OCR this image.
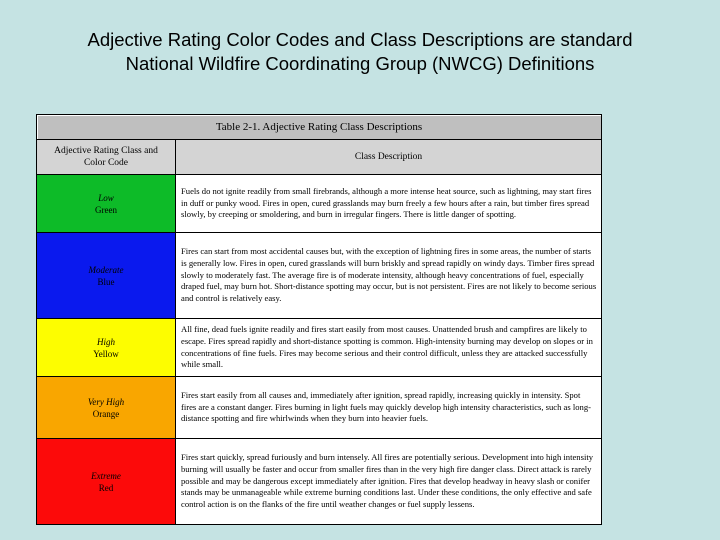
Adjective Rating Color Codes and Class Descriptions are standard
National Wildfire Coordinating Group (NWCG) Definitions
Table 2-1. Adjective Rating Class Descriptions	

Adjective Rating Class and
Color Code	Class Description

Low
Green	Fuels do not ignite readily from small firebrands, although a more intense heat source, such as lightning, may start fires in duff or punky wood. Fires in open, cured grasslands may burn freely a few hours after a rain, but timber fires spread slowly, by creeping or smoldering, and burn in irregular fingers. There is little danger of spotting.

Moderate
Blue	Fires can start from most accidental causes but, with the exception of lightning fires in some areas, the number of starts is generally low. Fires in open, cured grasslands will burn briskly and spread rapidly on windy days. Timber fires spread slowly to moderately fast. The average fire is of moderate intensity, although heavy concentrations of fuel, especially draped fuel, may burn hot. Short-distance spotting may occur, but is not persistent. Fires are not likely to become serious and control is relatively easy.

High
Yellow	All fine, dead fuels ignite readily and fires start easily from most causes. Unattended brush and campfires are likely to escape. Fires spread rapidly and short-distance spotting is common. High-intensity burning may develop on slopes or in concentrations of fine fuels. Fires may become serious and their control difficult, unless they are attacked successfully while small.

Very High
Orange	Fires start easily from all causes and, immediately after ignition, spread rapidly, increasing quickly in intensity. Spot fires are a constant danger. Fires burning in light fuels may quickly develop high intensity characteristics, such as long-distance spotting and fire whirlwinds when they burn into heavier fuels.

Extreme
Red	Fires start quickly, spread furiously and burn intensely. All fires are potentially serious. Development into high intensity burning will usually be faster and occur from smaller fires than in the very high fire danger class. Direct attack is rarely possible and may be dangerous except immediately after ignition. Fires that develop headway in heavy slash or conifer stands may be unmanageable while extreme burning conditions last. Under these conditions, the only effective and safe control action is on the flanks of the fire until weather changes or fuel supply lessens.
